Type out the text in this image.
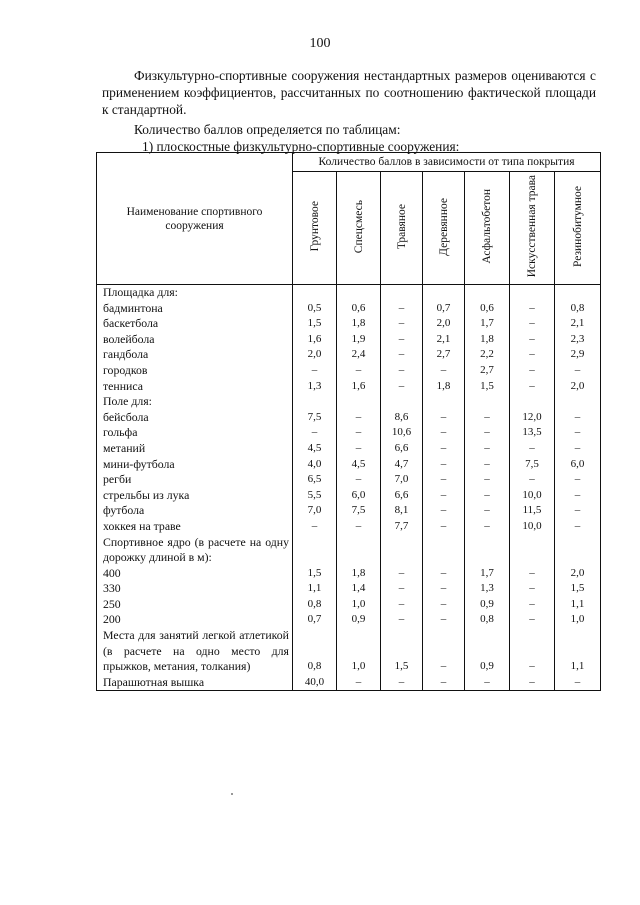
100
Физкультурно-спортивные сооружения нестандартных размеров оцениваются с применением коэффициентов, рассчитанных по соотношению фактической площади к стандартной.
Количество баллов определяется по таблицам:
1) плоскостные физкультурно-спортивные сооружения:
Наименование спортивного сооружения	Количество баллов в зависимости от типа покрытия						
	Грунтовое	Спецсмесь	Травяное	Деревянное	Асфальтобетон	Искусственная трава	Резинобитумное
Площадка для:							
бадминтона	0,5	0,6	–	0,7	0,6	–	0,8
баскетбола	1,5	1,8	–	2,0	1,7	–	2,1
волейбола	1,6	1,9	–	2,1	1,8	–	2,3
гандбола	2,0	2,4	–	2,7	2,2	–	2,9
городков	–	–	–	–	2,7	–	–
тенниса	1,3	1,6	–	1,8	1,5	–	2,0
Поле для:							
бейсбола	7,5	–	8,6	–	–	12,0	–
гольфа	–	–	10,6	–	–	13,5	–
метаний	4,5	–	6,6	–	–	–	–
мини-футбола	4,0	4,5	4,7	–	–	7,5	6,0
регби	6,5	–	7,0	–	–	–	–
стрельбы из лука	5,5	6,0	6,6	–	–	10,0	–
футбола	7,0	7,5	8,1	–	–	11,5	–
хоккея на траве	–	–	7,7	–	–	10,0	–
Спортивное ядро (в расчете на одну дорожку длиной в м):							
400	1,5	1,8	–	–	1,7	–	2,0
330	1,1	1,4	–	–	1,3	–	1,5
250	0,8	1,0	–	–	0,9	–	1,1
200	0,7	0,9	–	–	0,8	–	1,0
Места для занятий легкой атлетикой (в расчете на одно место для прыжков, метания, толкания)	0,8	1,0	1,5	–	0,9	–	1,1
Парашютная вышка	40,0	–	–	–	–	–	–
